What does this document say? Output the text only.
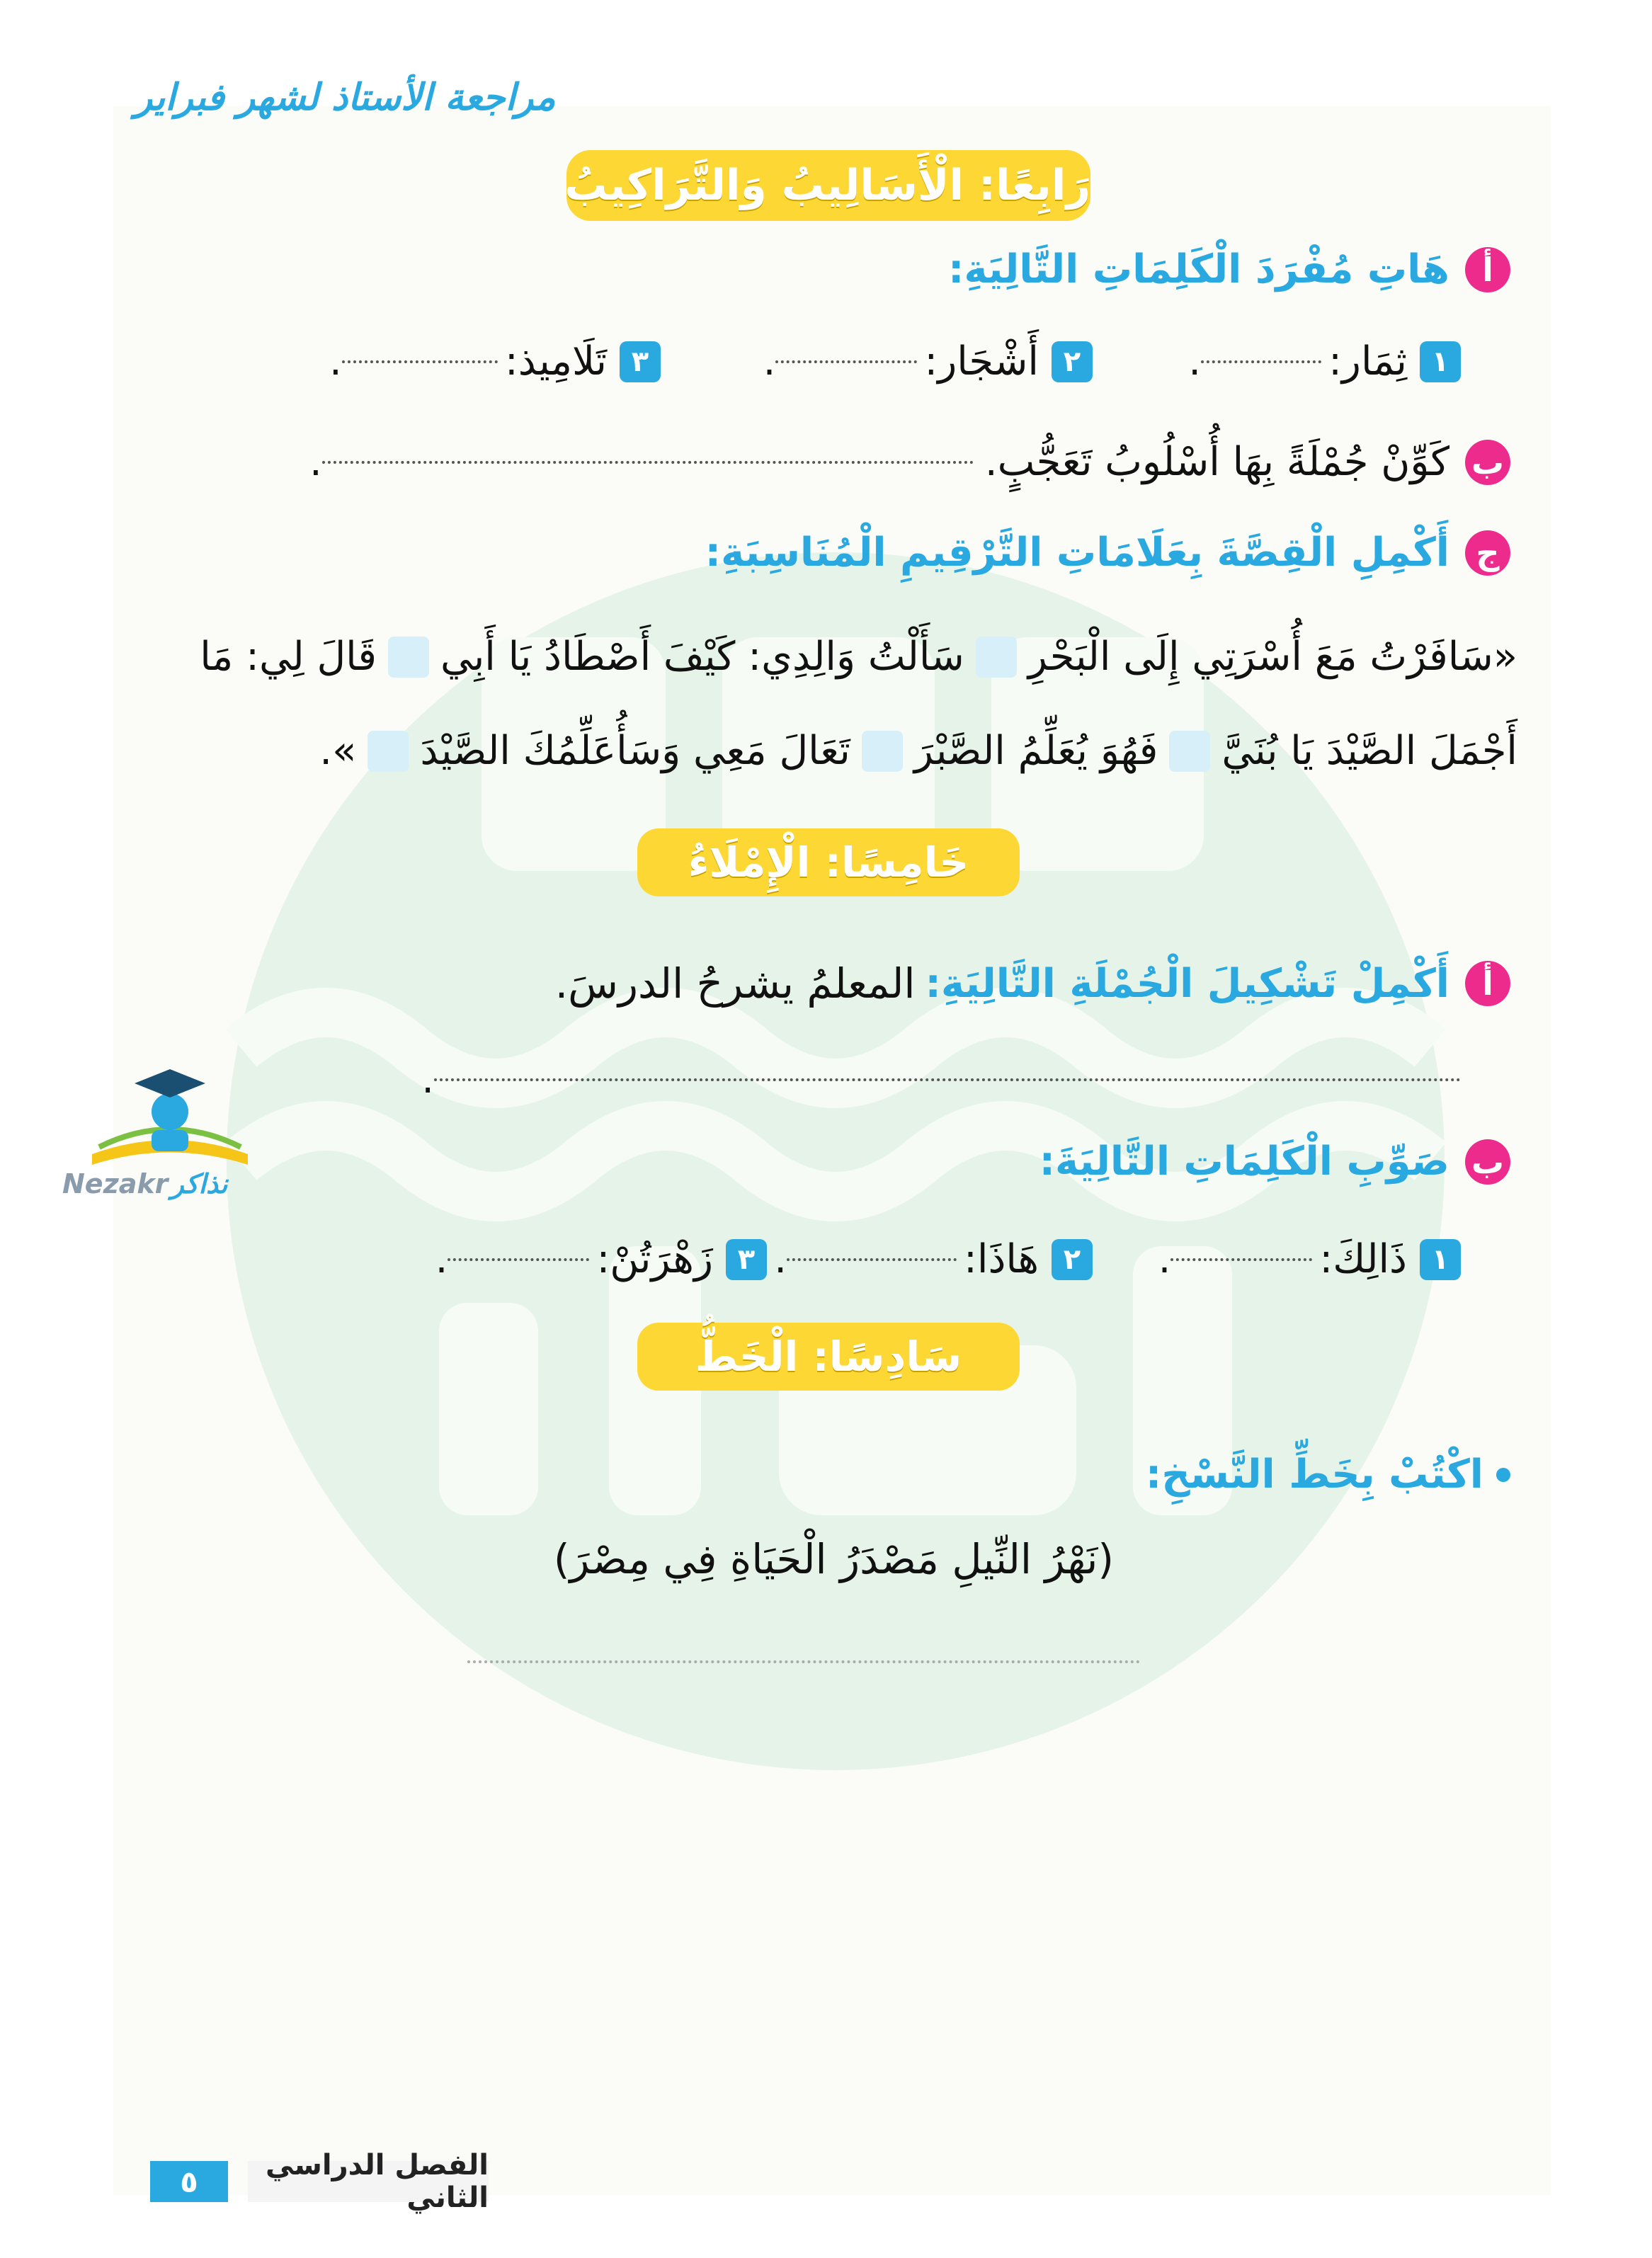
مراجعة الأستاذ لشهر فبراير
رَابِعًا: الْأَسَالِيبُ وَالتَّرَاكِيبُ
أ
هَاتِ مُفْرَدَ الْكَلِمَاتِ التَّالِيَةِ:
١
ثِمَار:
.
٢
أَشْجَار:
.
٣
تَلَامِيذ:
.
ب
كَوِّنْ جُمْلَةً بِهَا أُسْلُوبُ تَعَجُّبٍ.
.
ج
أَكْمِلِ الْقِصَّةَ بِعَلَامَاتِ التَّرْقِيمِ الْمُنَاسِبَةِ:
«سَافَرْتُ مَعَ أُسْرَتِي إِلَى الْبَحْرِ
سَأَلْتُ وَالِدِي: كَيْفَ أَصْطَادُ يَا أَبِي
قَالَ لِي: مَا
أَجْمَلَ الصَّيْدَ يَا بُنَيَّ
فَهُوَ يُعَلِّمُ الصَّبْرَ
تَعَالَ مَعِي وَسَأُعَلِّمُكَ الصَّيْدَ
».
خَامِسًا: الْإِمْلَاءُ
أ
أَكْمِلْ تَشْكِيلَ الْجُمْلَةِ التَّالِيَةِ:
المعلمُ يشرحُ الدرسَ.
.
ب
صَوِّبِ الْكَلِمَاتِ التَّالِيَةَ:
١
ذَالِكَ:
.
٢
هَاذَا:
.
٣
زَهْرَتُنْ:
.
سَادِسًا: الْخَطُّ
اكْتُبْ بِخَطِّ النَّسْخِ:
(نَهْرُ النِّيلِ مَصْدَرُ الْحَيَاةِ فِي مِصْرَ)
Nezakr نذاكر
٥	الفصل الدراسي الثاني
